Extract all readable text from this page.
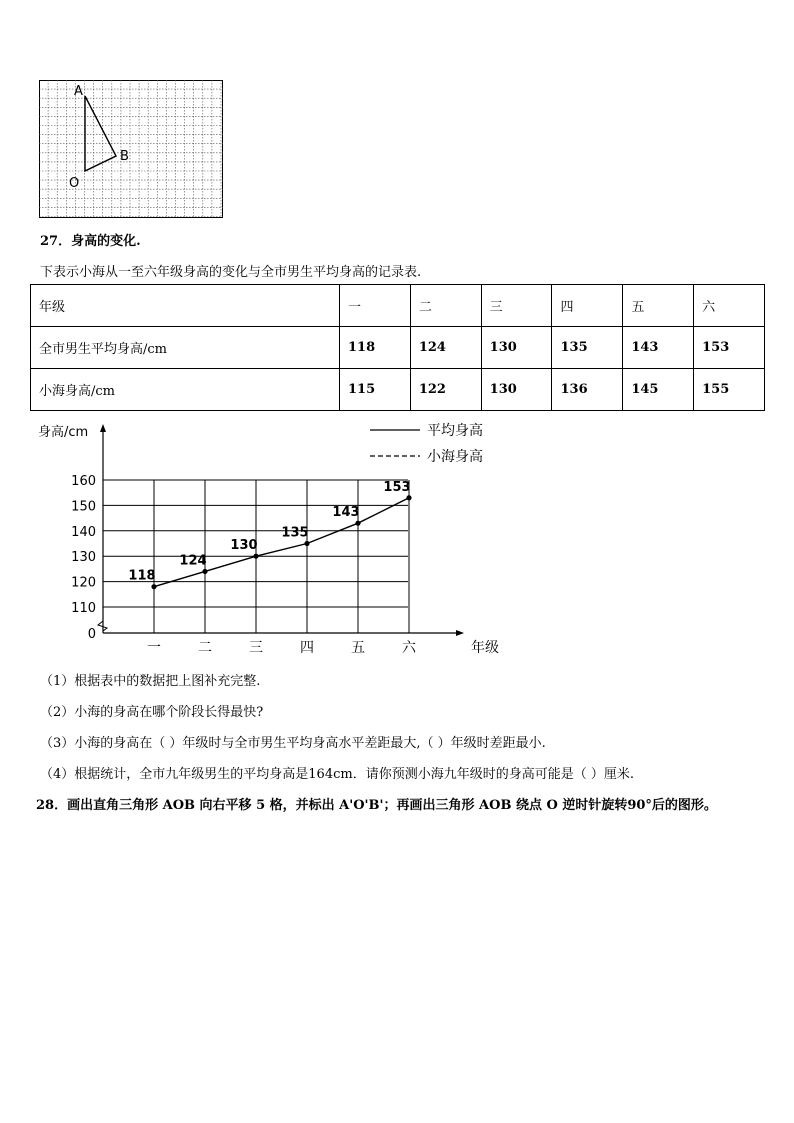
A
B
O
27．身高的变化.
下表示小海从一至六年级身高的变化与全市男生平均身高的记录表.
年级	一	二	三	四	五	六
全市男生平均身高/cm	118	124	130	135	143	153
小海身高/cm	115	122	130	136	145	155
身高/cm
年级
0
110
120
130
140
150
160
一	二	三	四	五	六
118
124
130
135
143
153
平均身高
小海身高
（1）根据表中的数据把上图补充完整.
（2）小海的身高在哪个阶段长得最快?
（3）小海的身高在（ ）年级时与全市男生平均身高水平差距最大,（ ）年级时差距最小.
（4）根据统计，全市九年级男生的平均身高是164cm．请你预测小海九年级时的身高可能是（ ）厘米.
28．画出直角三角形 AOB 向右平移 5 格，并标出 A'O'B'；再画出三角形 AOB 绕点 O 逆时针旋转90°后的图形。
